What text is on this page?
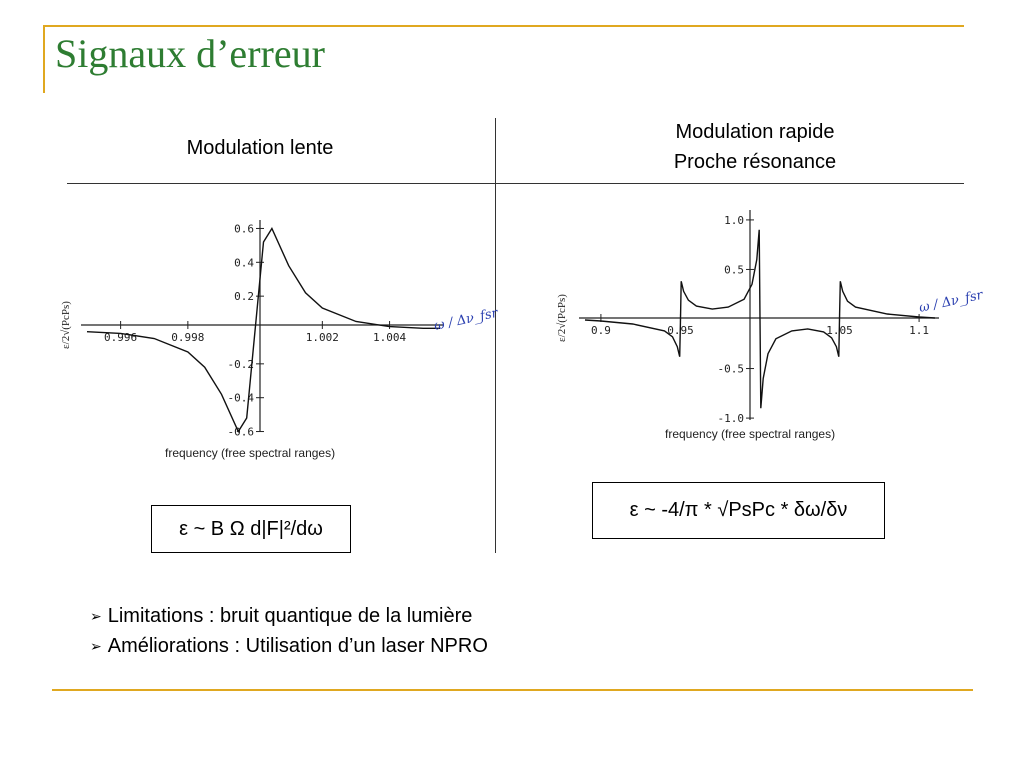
Signaux d’erreur
Modulation lente
Modulation rapide
Proche résonance
0.996	0.998	1.002	1.004
0.6
0.4
0.2
-0.2
-0.4
-0.6
frequency (free spectral ranges)
ε/2√(PcPs)	ω / Δν_fsr	0.9	0.95	1.05	1.1
1.0
0.5
-0.5
-1.0
frequency (free spectral ranges)
ε/2√(PcPs)	ω / Δν_fsr
ε ~ B Ω d|F|²/dω
ε ~ -4/π * √PsPc * δω/δν
➢ Limitations : bruit quantique de la lumière
➢ Améliorations : Utilisation d’un laser NPRO
